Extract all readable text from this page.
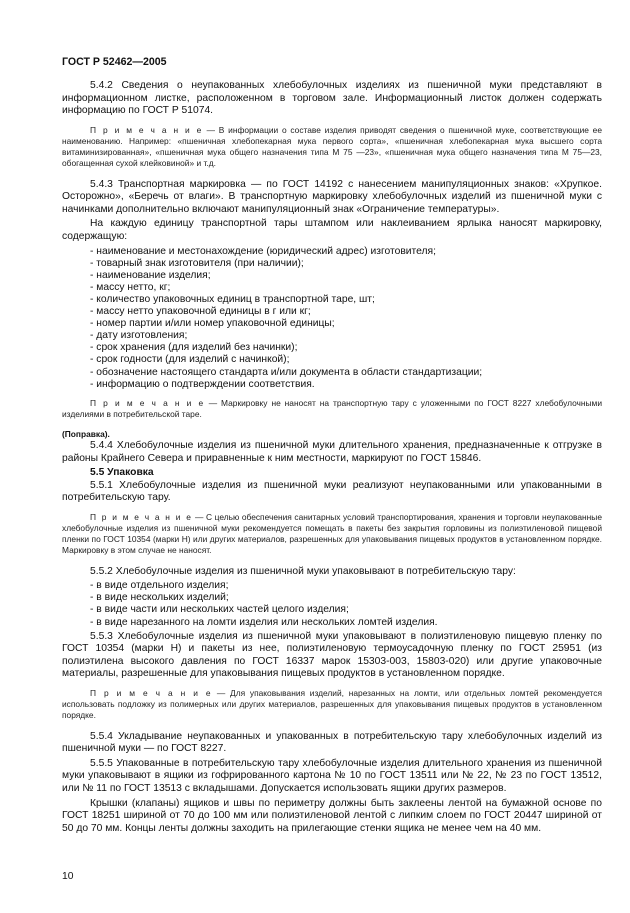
ГОСТ Р 52462—2005

5.4.2 Сведения о неупакованных хлебобулочных изделиях из пшеничной муки представляют в информационном листке, расположенном в торговом зале. Информационный листок должен содержать информацию по ГОСТ Р 51074.

П р и м е ч а н и е — В информации о составе изделия приводят сведения о пшеничной муке, соответствующие ее наименованию. Например: «пшеничная хлебопекарная мука первого сорта», «пшеничная хлебопекарная мука высшего сорта витаминизированная», «пшеничная мука общего назначения типа М 75 —23», «пшеничная мука общего назначения типа М 75—23, обогащенная сухой клейковиной» и т.д.

5.4.3 Транспортная маркировка — по ГОСТ 14192 с нанесением манипуляционных знаков: «Хрупкое. Осторожно», «Беречь от влаги». В транспортную маркировку хлебобулочных изделий из пшеничной муки с начинками дополнительно включают манипуляционный знак «Ограничение температуры».

На каждую единицу транспортной тары штампом или наклеиванием ярлыка наносят маркировку, содержащую:

- наименование и местонахождение (юридический адрес) изготовителя;
- товарный знак изготовителя (при наличии);
- наименование изделия;
- массу нетто, кг;
- количество упаковочных единиц в транспортной таре, шт;
- массу нетто упаковочной единицы в г или кг;
- номер партии и/или номер упаковочной единицы;
- дату изготовления;
- срок хранения (для изделий без начинки);
- срок годности (для изделий с начинкой);
- обозначение настоящего стандарта и/или документа в области стандартизации;
- информацию о подтверждении соответствия.

П р и м е ч а н и е — Маркировку не наносят на транспортную тару с уложенными по ГОСТ 8227 хлебобулочными изделиями в потребительской таре.

(Поправка).

5.4.4 Хлебобулочные изделия из пшеничной муки длительного хранения, предназначенные к отгрузке в районы Крайнего Севера и приравненные к ним местности, маркируют по ГОСТ 15846.

5.5 Упаковка

5.5.1 Хлебобулочные изделия из пшеничной муки реализуют неупакованными или упакованными в потребительскую тару.

П р и м е ч а н и е — С целью обеспечения санитарных условий транспортирования, хранения и торговли неупакованные хлебобулочные изделия из пшеничной муки рекомендуется помещать в пакеты без закрытия горловины из полиэтиленовой пищевой пленки по ГОСТ 10354 (марки Н) или других материалов, разрешенных для упаковывания пищевых продуктов в установленном порядке. Маркировку в этом случае не наносят.

5.5.2 Хлебобулочные изделия из пшеничной муки упаковывают в потребительскую тару:

- в виде отдельного изделия;
- в виде нескольких изделий;
- в виде части или нескольких частей целого изделия;
- в виде нарезанного на ломти изделия или нескольких ломтей изделия.

5.5.3 Хлебобулочные изделия из пшеничной муки упаковывают в полиэтиленовую пищевую пленку по ГОСТ 10354 (марки Н) и пакеты из нее, полиэтиленовую термоусадочную пленку по ГОСТ 25951 (из полиэтилена высокого давления по ГОСТ 16337 марок 15303-003, 15803-020) или другие упаковочные материалы, разрешенные для упаковывания пищевых продуктов в установленном порядке.

П р и м е ч а н и е — Для упаковывания изделий, нарезанных на ломти, или отдельных ломтей рекомендуется использовать подложку из полимерных или других материалов, разрешенных для упаковывания пищевых продуктов в установленном порядке.

5.5.4 Укладывание неупакованных и упакованных в потребительскую тару хлебобулочных изделий из пшеничной муки — по ГОСТ 8227.

5.5.5 Упакованные в потребительскую тару хлебобулочные изделия длительного хранения из пшеничной муки упаковывают в ящики из гофрированного картона № 10 по ГОСТ 13511 или № 22, № 23 по ГОСТ 13512, или № 11 по ГОСТ 13513 с вкладышами. Допускается использовать ящики других размеров.

Крышки (клапаны) ящиков и швы по периметру должны быть заклеены лентой на бумажной основе по ГОСТ 18251 шириной от 70 до 100 мм или полиэтиленовой лентой с липким слоем по ГОСТ 20447 шириной от 50 до 70 мм. Концы ленты должны заходить на прилегающие стенки ящика не менее чем на 40 мм.

10
